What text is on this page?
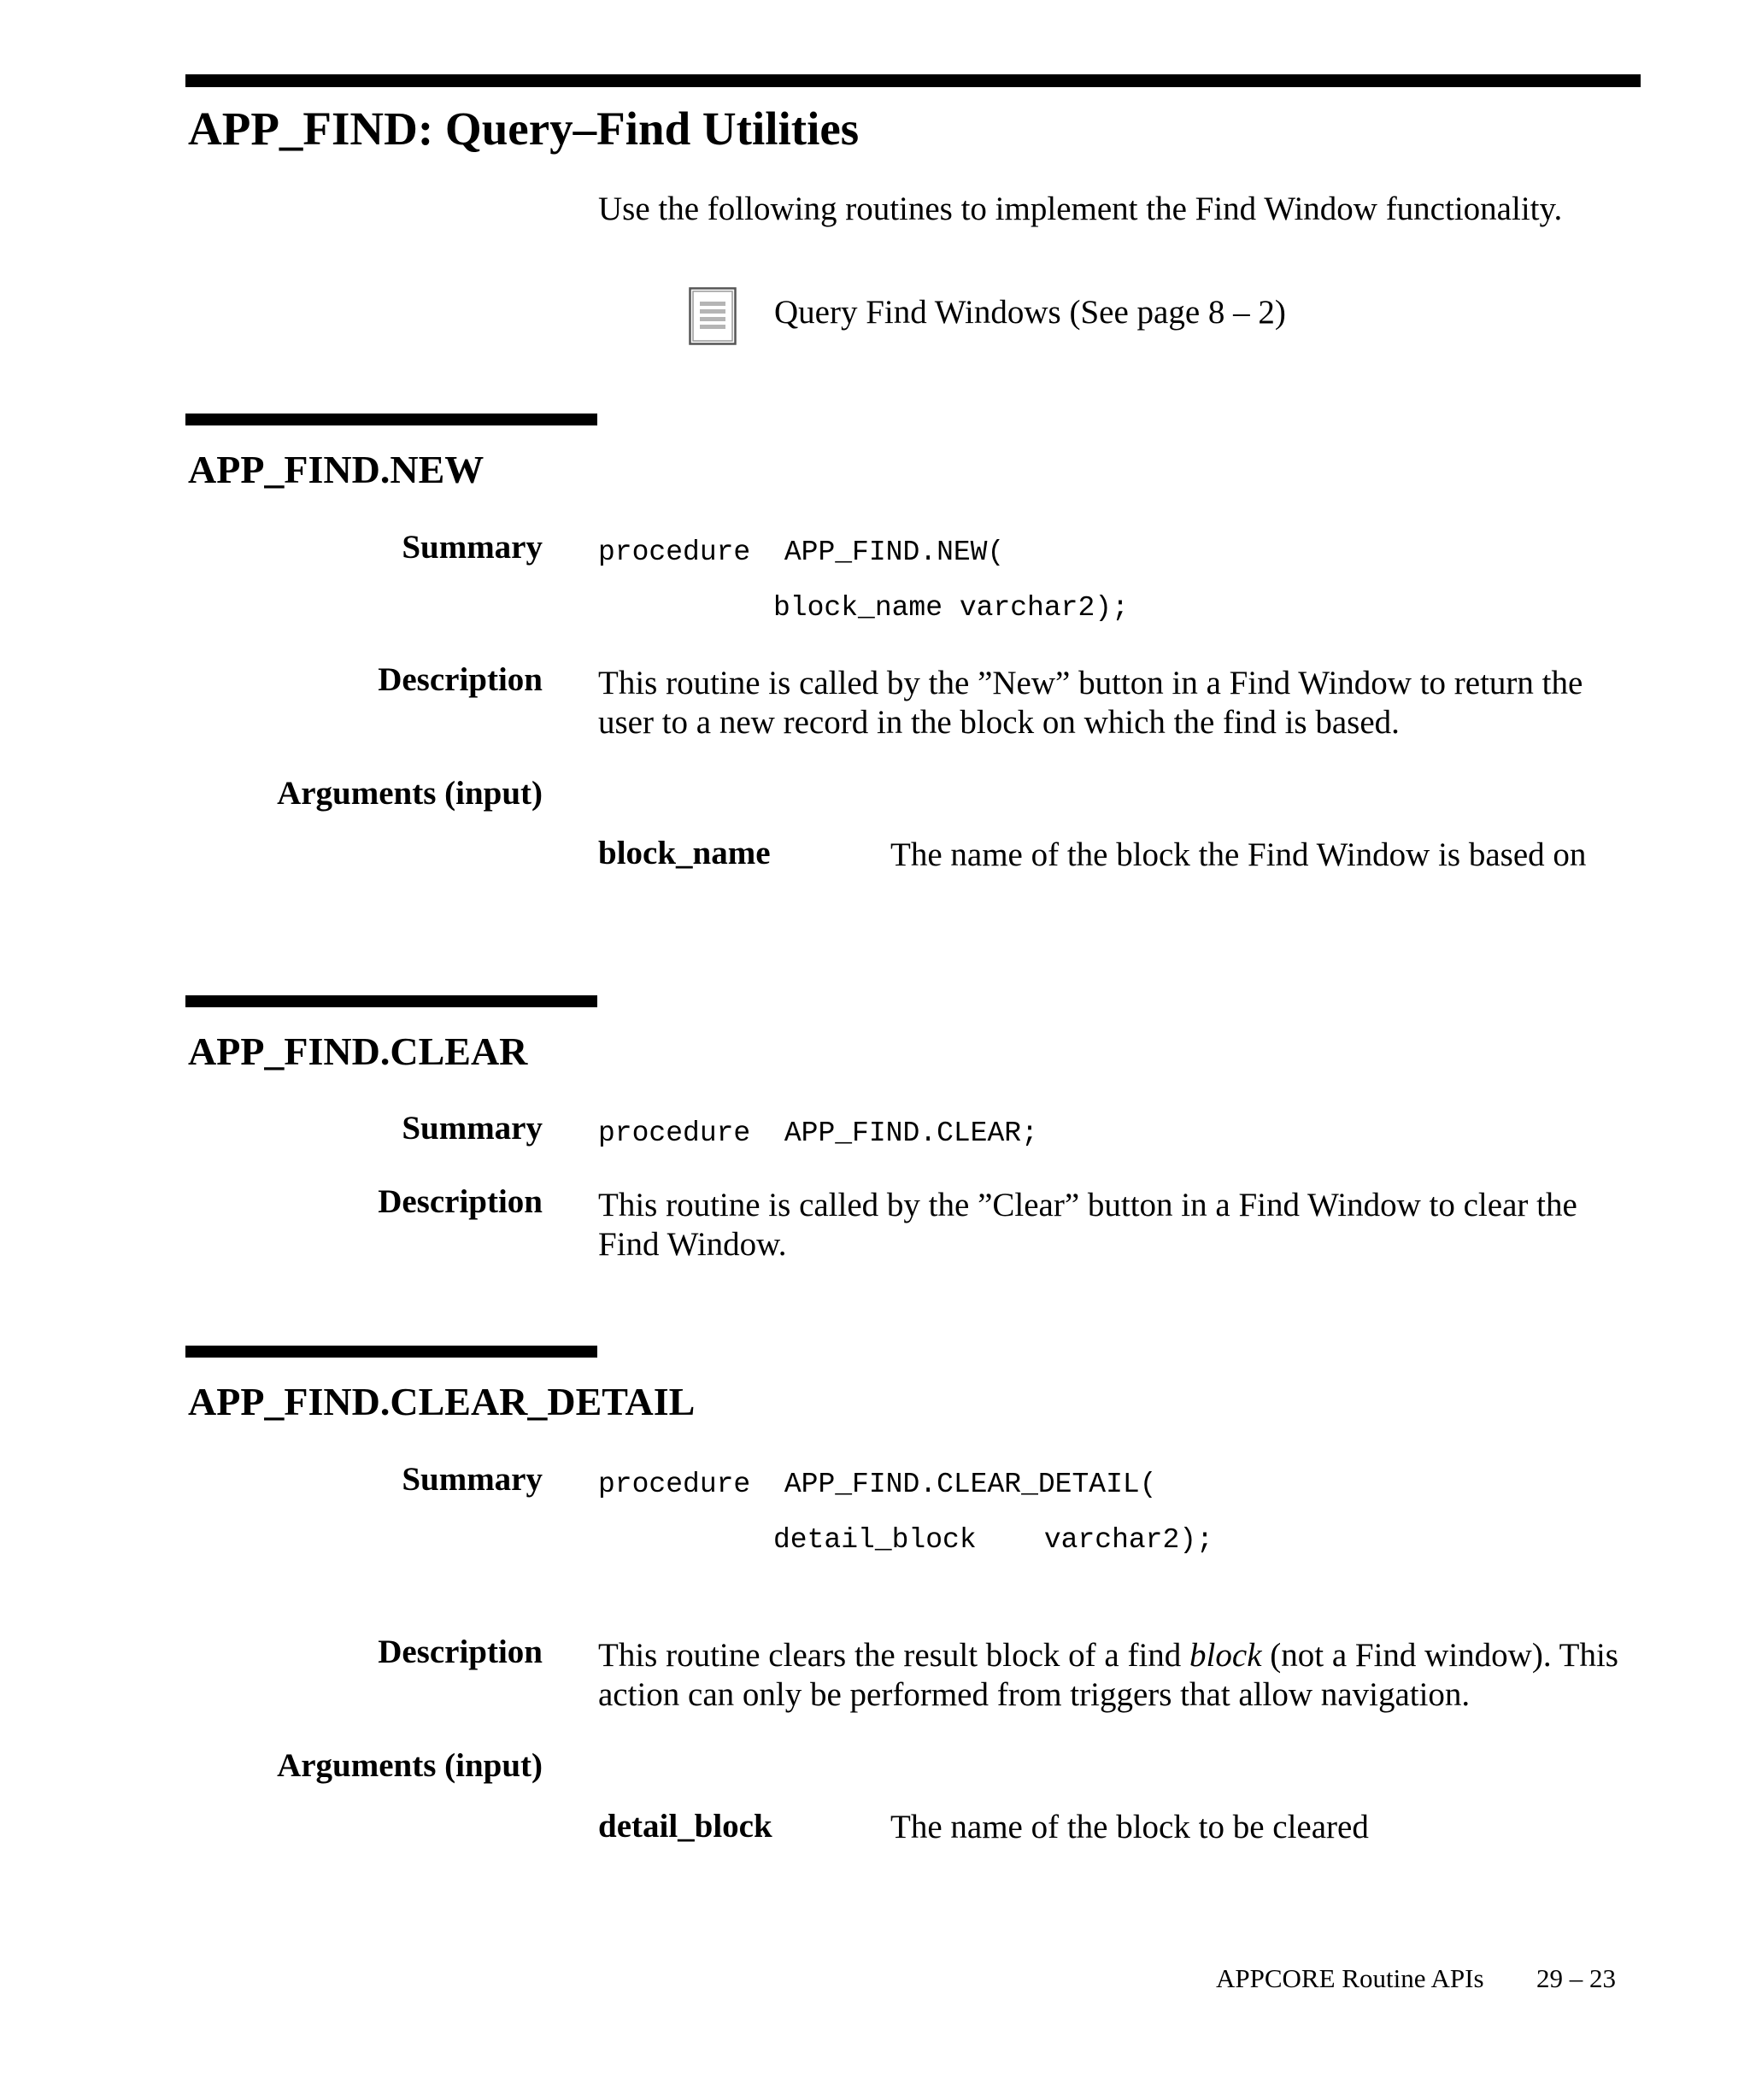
APP_FIND: Query–Find Utilities
Use the following routines to implement the Find Window functionality.
Query Find Windows (See page 8 – 2)
APP_FIND.NEW
Summary procedure  APP_FIND.NEW(
block_name varchar2);
Description This routine is called by the ”New” button in a Find Window to return the user to a new record in the block on which the find is based.
Arguments (input)
block_name	The name of the block the Find Window is based on
APP_FIND.CLEAR
Summary procedure  APP_FIND.CLEAR;
Description This routine is called by the ”Clear” button in a Find Window to clear the Find Window.
APP_FIND.CLEAR_DETAIL
Summary procedure  APP_FIND.CLEAR_DETAIL(
detail_block    varchar2);
Description This routine clears the result block of a find block (not a Find window). This action can only be performed from triggers that allow navigation.
Arguments (input)
detail_block	The name of the block to be cleared
APPCORE Routine APIs 29 – 23
